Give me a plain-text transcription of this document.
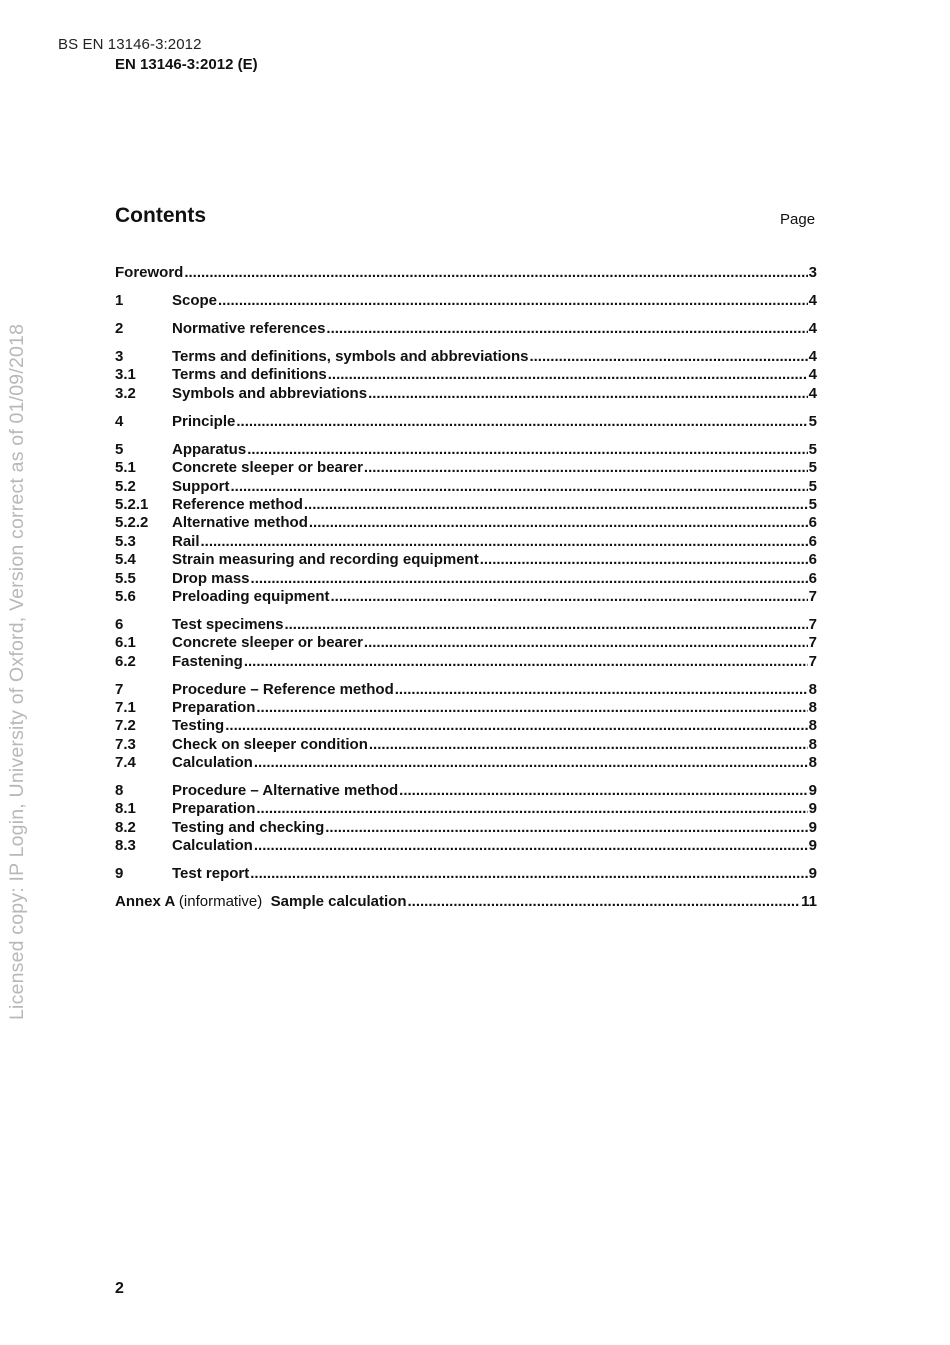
BS EN 13146-3:2012
EN 13146-3:2012 (E)
Contents	Page
Licensed copy: IP Login, University of Oxford, Version correct as of 01/09/2018
Foreword .....	3
1	Scope .....	4
2	Normative references .....	4
3	Terms and definitions, symbols and abbreviations .....	4
3.1	Terms and definitions .....	4
3.2	Symbols and abbreviations .....	4
4	Principle .....	5
5	Apparatus .....	5
5.1	Concrete sleeper or bearer .....	5
5.2	Support .....	5
5.2.1	Reference method .....	5
5.2.2	Alternative method .....	6
5.3	Rail .....	6
5.4	Strain measuring and recording equipment .....	6
5.5	Drop mass .....	6
5.6	Preloading equipment .....	7
6	Test specimens .....	7
6.1	Concrete sleeper or bearer .....	7
6.2	Fastening .....	7
7	Procedure – Reference method .....	8
7.1	Preparation .....	8
7.2	Testing .....	8
7.3	Check on sleeper condition .....	8
7.4	Calculation .....	8
8	Procedure – Alternative method .....	9
8.1	Preparation .....	9
8.2	Testing and checking .....	9
8.3	Calculation .....	9
9	Test report .....	9
Annex A (informative) Sample calculation .....	11
2
